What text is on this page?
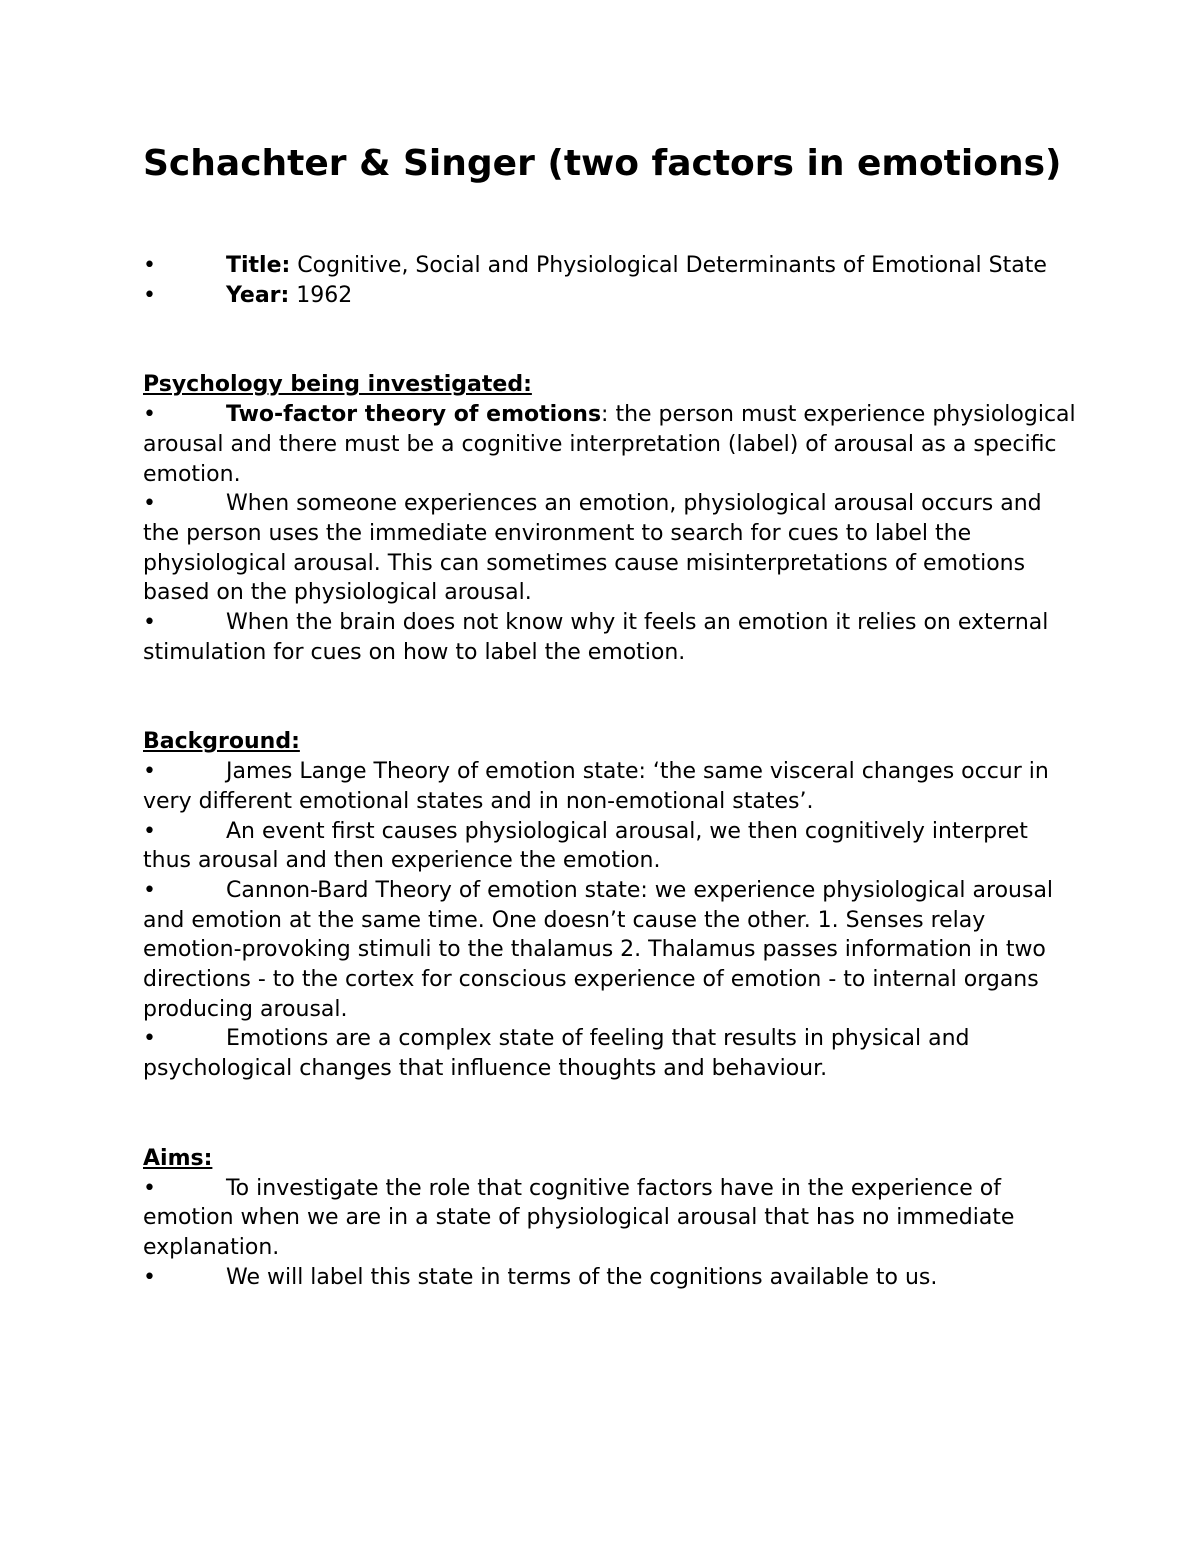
Schachter & Singer (two factors in emotions)

•	Title: Cognitive, Social and Physiological Determinants of Emotional State

•	Year: 1962

Psychology being investigated:

•	Two-factor theory of emotions: the person must experience physiological arousal and there must be a cognitive interpretation (label) of arousal as a specific emotion.

•	When someone experiences an emotion, physiological arousal occurs and the person uses the immediate environment to search for cues to label the physiological arousal. This can sometimes cause misinterpretations of emotions based on the physiological arousal.

•	When the brain does not know why it feels an emotion it relies on external stimulation for cues on how to label the emotion.

Background:

•	James Lange Theory of emotion state: ‘the same visceral changes occur in very different emotional states and in non-emotional states’.

•	An event first causes physiological arousal, we then cognitively interpret thus arousal and then experience the emotion.

•	Cannon-Bard Theory of emotion state: we experience physiological arousal and emotion at the same time. One doesn’t cause the other. 1. Senses relay emotion-provoking stimuli to the thalamus 2. Thalamus passes information in two directions - to the cortex for conscious experience of emotion - to internal organs producing arousal.

•	Emotions are a complex state of feeling that results in physical and psychological changes that influence thoughts and behaviour.

Aims:

•	To investigate the role that cognitive factors have in the experience of emotion when we are in a state of physiological arousal that has no immediate explanation.

•	We will label this state in terms of the cognitions available to us.
